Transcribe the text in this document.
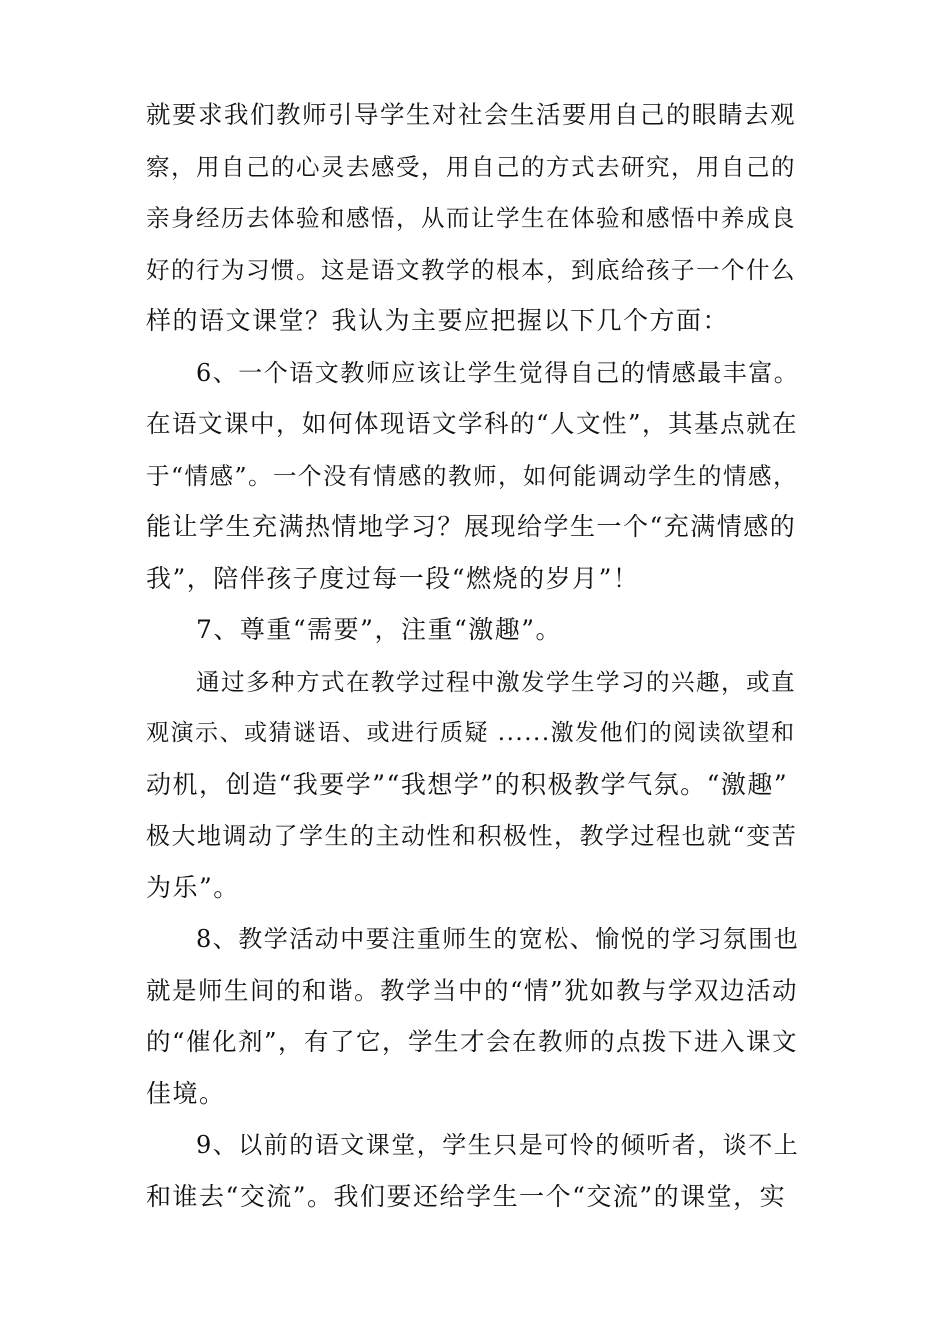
就要求我们教师引导学生对社会生活要用自己的眼睛去观
察，用自己的心灵去感受，用自己的方式去研究，用自己的
亲身经历去体验和感悟，从而让学生在体验和感悟中养成良
好的行为习惯。这是语文教学的根本，到底给孩子一个什么
样的语文课堂？我认为主要应把握以下几个方面：
6、一个语文教师应该让学生觉得自己的情感最丰富。
在语文课中，如何体现语文学科的“人文性”，其基点就在
于“情感”。一个没有情感的教师，如何能调动学生的情感，
能让学生充满热情地学习？展现给学生一个“充满情感的
我”，陪伴孩子度过每一段“燃烧的岁月”！
7、尊重“需要”，注重“激趣”。
通过多种方式在教学过程中激发学生学习的兴趣，或直
观演示、或猜谜语、或进行质疑 ......激发他们的阅读欲望和
动机，创造“我要学”“我想学”的积极教学气氛。“激趣”
极大地调动了学生的主动性和积极性，教学过程也就“变苦
为乐”。
8、教学活动中要注重师生的宽松、愉悦的学习氛围也
就是师生间的和谐。教学当中的“情”犹如教与学双边活动
的“催化剂”，有了它，学生才会在教师的点拨下进入课文
佳境。
9、以前的语文课堂，学生只是可怜的倾听者，谈不上
和谁去“交流”。我们要还给学生一个“交流”的课堂，实
